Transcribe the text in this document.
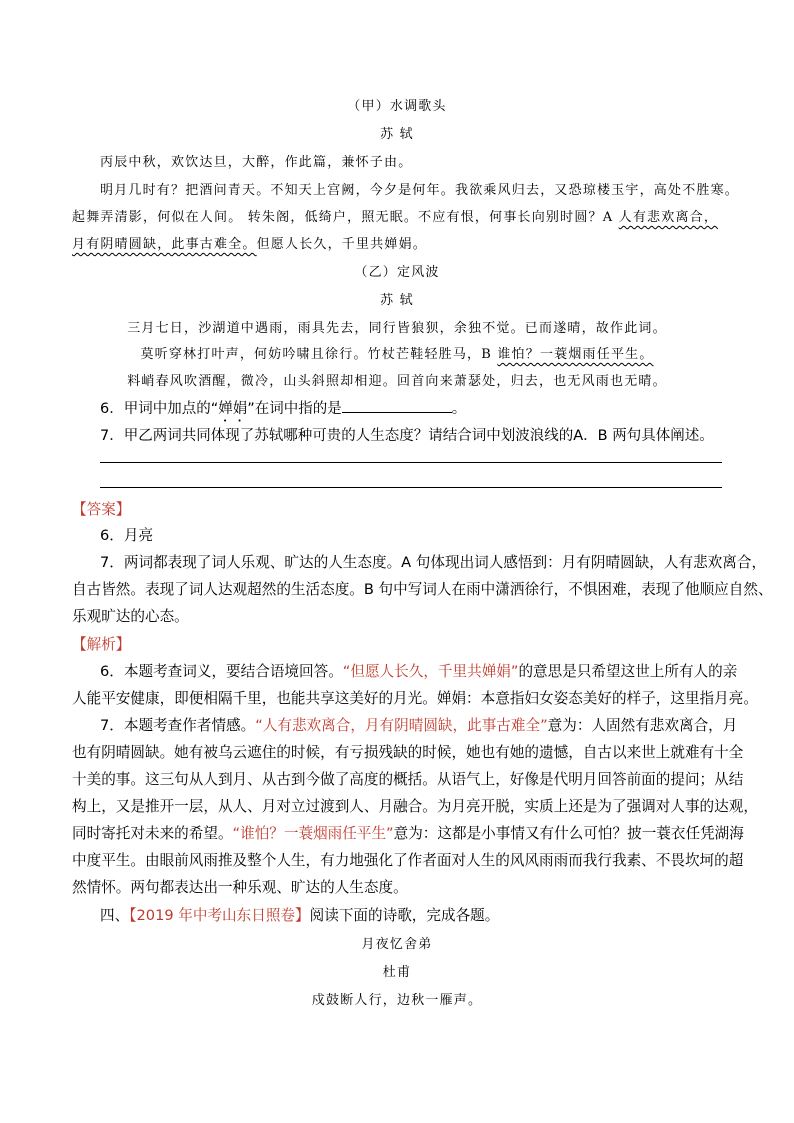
（甲）水调歌头
苏 轼
丙辰中秋，欢饮达旦，大醉，作此篇，兼怀子由。
明月几时有？把酒问青天。不知天上宫阙，今夕是何年。我欲乘风归去，又恐琼楼玉宇，高处不胜寒。
起舞弄清影，何似在人间。 转朱阁，低绮户，照无眠。不应有恨，何事长向别时圆？A 人有悲欢离合，
月有阴晴圆缺，此事古难全。但愿人长久，千里共婵娟。
（乙）定风波
苏 轼
三月七日，沙湖道中遇雨，雨具先去，同行皆狼狈，余独不觉。已而遂晴，故作此词。
莫听穿林打叶声，何妨吟啸且徐行。竹杖芒鞋轻胜马，B 谁怕？一蓑烟雨任平生。
料峭春风吹酒醒，微冷，山头斜照却相迎。回首向来萧瑟处，归去，也无风雨也无晴。
6．甲词中加点的“婵娟”在词中指的是	。
7．甲乙两词共同体现了苏轼哪种可贵的人生态度？请结合词中划波浪线的A．B 两句具体阐述。
【答案】
6．月亮
7．两词都表现了词人乐观、旷达的人生态度。A 句体现出词人感悟到：月有阴晴圆缺，人有悲欢离合，
自古皆然。表现了词人达观超然的生活态度。B 句中写词人在雨中潇洒徐行，不惧困难，表现了他顺应自然、
乐观旷达的心态。
【解析】
6．本题考查词义，要结合语境回答。“但愿人长久，千里共婵娟”的意思是只希望这世上所有人的亲
人能平安健康，即便相隔千里，也能共享这美好的月光。婵娟：本意指妇女姿态美好的样子，这里指月亮。
7．本题考查作者情感。“人有悲欢离合，月有阴晴圆缺，此事古难全”意为：人固然有悲欢离合，月
也有阴晴圆缺。她有被乌云遮住的时候，有亏损残缺的时候，她也有她的遗憾，自古以来世上就难有十全
十美的事。这三句从人到月、从古到今做了高度的概括。从语气上，好像是代明月回答前面的提问；从结
构上，又是推开一层，从人、月对立过渡到人、月融合。为月亮开脱，实质上还是为了强调对人事的达观，
同时寄托对未来的希望。“谁怕？一蓑烟雨任平生”意为：这都是小事情又有什么可怕？披一蓑衣任凭湖海
中度平生。由眼前风雨推及整个人生，有力地强化了作者面对人生的风风雨雨而我行我素、不畏坎坷的超
然情怀。两句都表达出一种乐观、旷达的人生态度。
四、【2019 年中考山东日照卷】阅读下面的诗歌，完成各题。
月夜忆舍弟
杜甫
戍鼓断人行，边秋一雁声。
